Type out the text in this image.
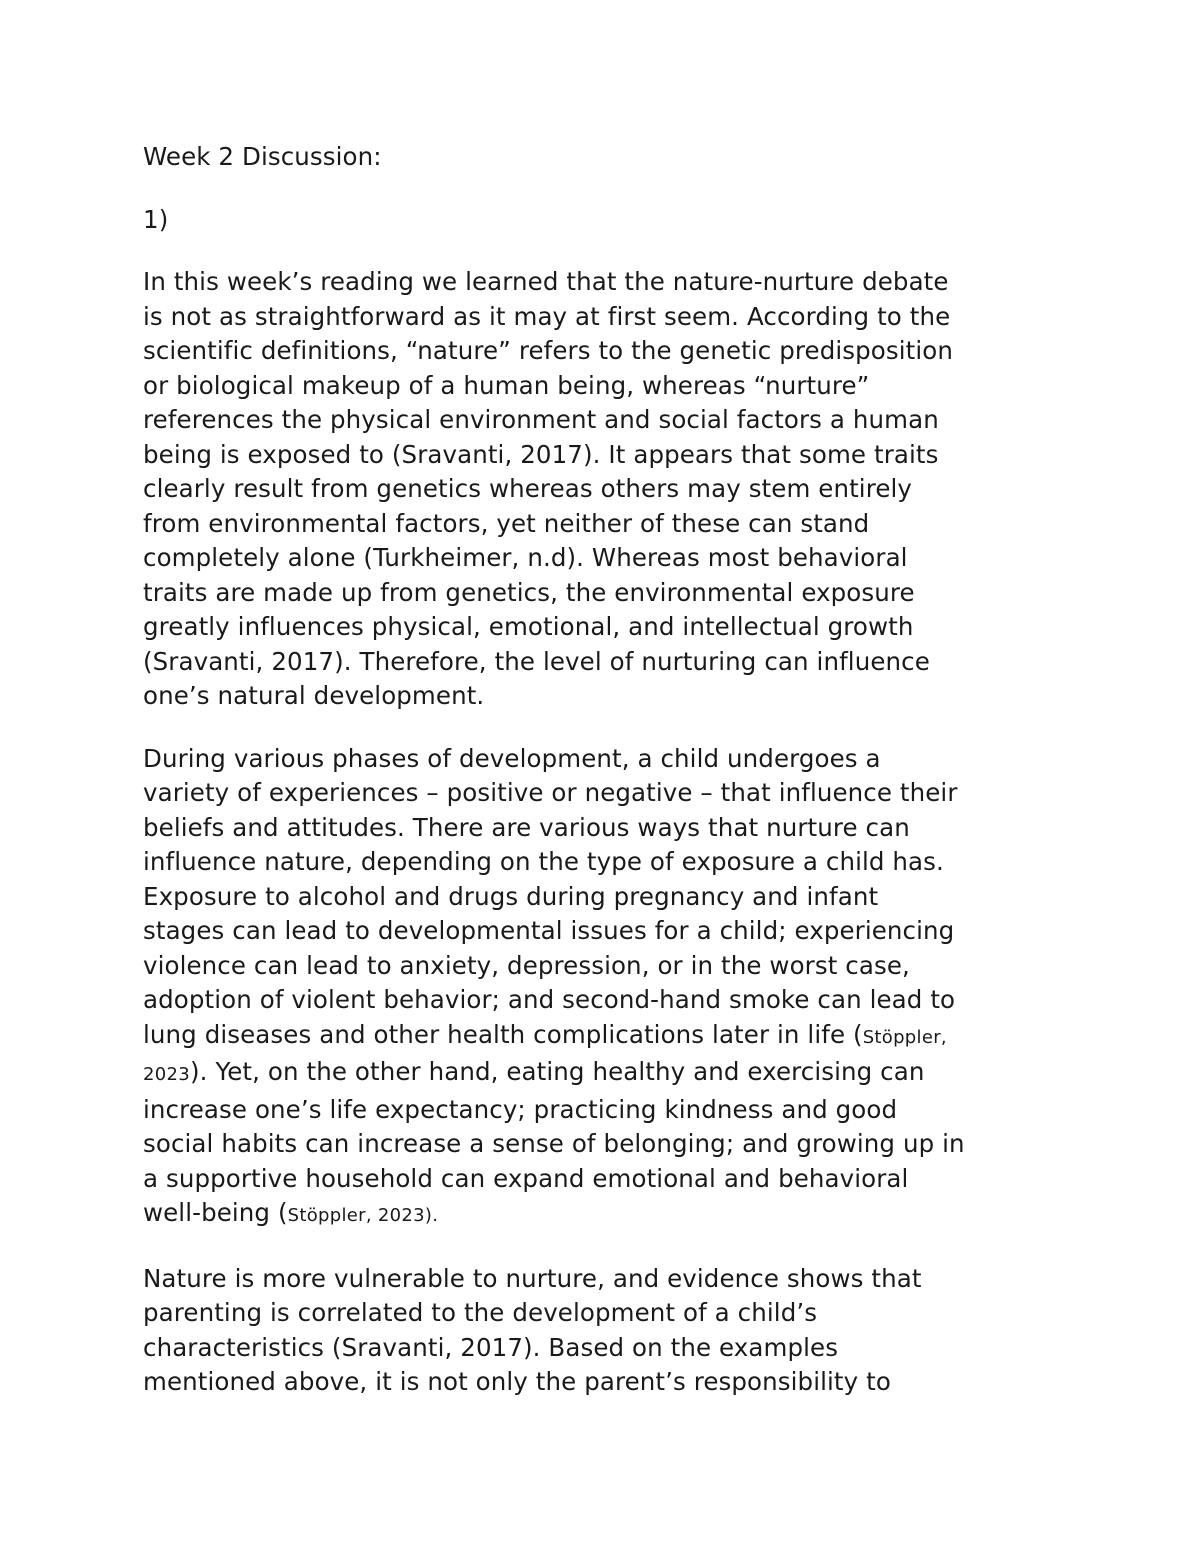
Week 2 Discussion:

1)

In this week’s reading we learned that the nature-nurture debate
is not as straightforward as it may at first seem. According to the
scientific definitions, “nature” refers to the genetic predisposition
or biological makeup of a human being, whereas “nurture”
references the physical environment and social factors a human
being is exposed to (Sravanti, 2017). It appears that some traits
clearly result from genetics whereas others may stem entirely
from environmental factors, yet neither of these can stand
completely alone (Turkheimer, n.d). Whereas most behavioral
traits are made up from genetics, the environmental exposure
greatly influences physical, emotional, and intellectual growth
(Sravanti, 2017). Therefore, the level of nurturing can influence
one’s natural development.
During various phases of development, a child undergoes a
variety of experiences – positive or negative – that influence their
beliefs and attitudes. There are various ways that nurture can
influence nature, depending on the type of exposure a child has.
Exposure to alcohol and drugs during pregnancy and infant
stages can lead to developmental issues for a child; experiencing
violence can lead to anxiety, depression, or in the worst case,
adoption of violent behavior; and second-hand smoke can lead to
lung diseases and other health complications later in life (Stöppler,
2023). Yet, on the other hand, eating healthy and exercising can
increase one’s life expectancy; practicing kindness and good
social habits can increase a sense of belonging; and growing up in
a supportive household can expand emotional and behavioral
well-being (Stöppler, 2023).
Nature is more vulnerable to nurture, and evidence shows that
parenting is correlated to the development of a child’s
characteristics (Sravanti, 2017). Based on the examples
mentioned above, it is not only the parent’s responsibility to
